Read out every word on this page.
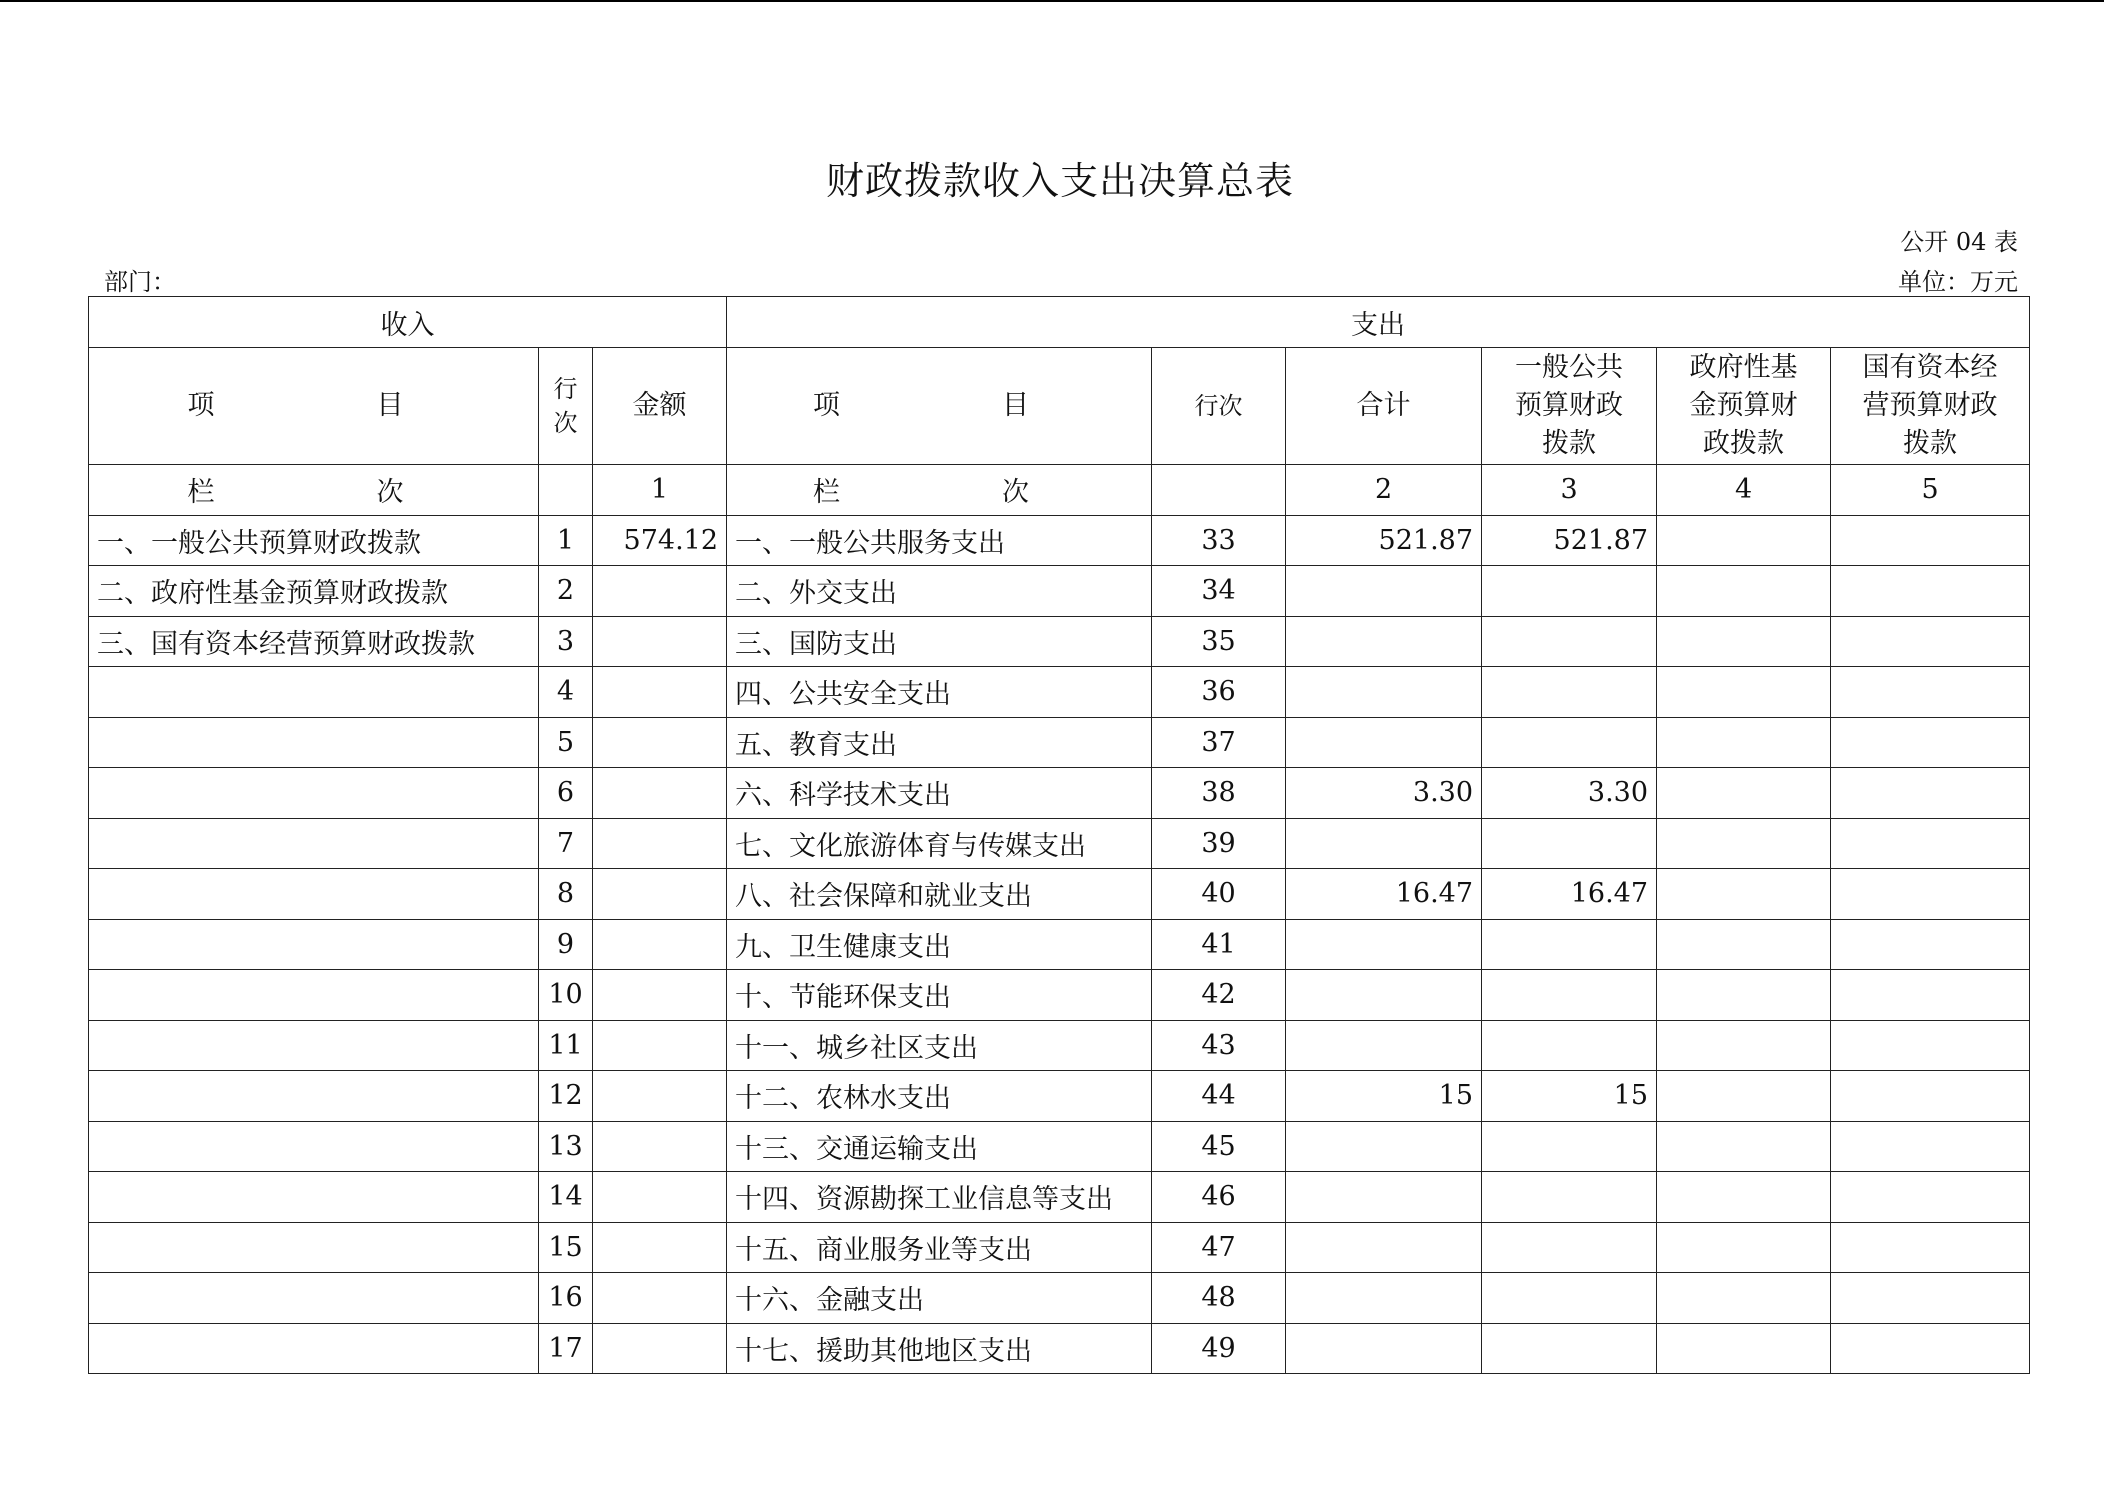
财政拨款收入支出决算总表
公开 04 表
部门：	单位：万元
收入			支出					
项　　目	行次	金额	项　　目	行次	合计	一般公共预算财政拨款	政府性基金预算财政拨款	国有资本经营预算财政拨款
栏　　次		1	栏　　次		2	3	4	5
一、一般公共预算财政拨款	1	574.12	一、一般公共服务支出	33	521.87	521.87		
二、政府性基金预算财政拨款	2		二、外交支出	34				
三、国有资本经营预算财政拨款	3		三、国防支出	35				
	4		四、公共安全支出	36				
	5		五、教育支出	37				
	6		六、科学技术支出	38	3.30	3.30		
	7		七、文化旅游体育与传媒支出	39				
	8		八、社会保障和就业支出	40	16.47	16.47		
	9		九、卫生健康支出	41				
	10		十、节能环保支出	42				
	11		十一、城乡社区支出	43				
	12		十二、农林水支出	44	15	15		
	13		十三、交通运输支出	45				
	14		十四、资源勘探工业信息等支出	46				
	15		十五、商业服务业等支出	47				
	16		十六、金融支出	48				
	17		十七、援助其他地区支出	49				
